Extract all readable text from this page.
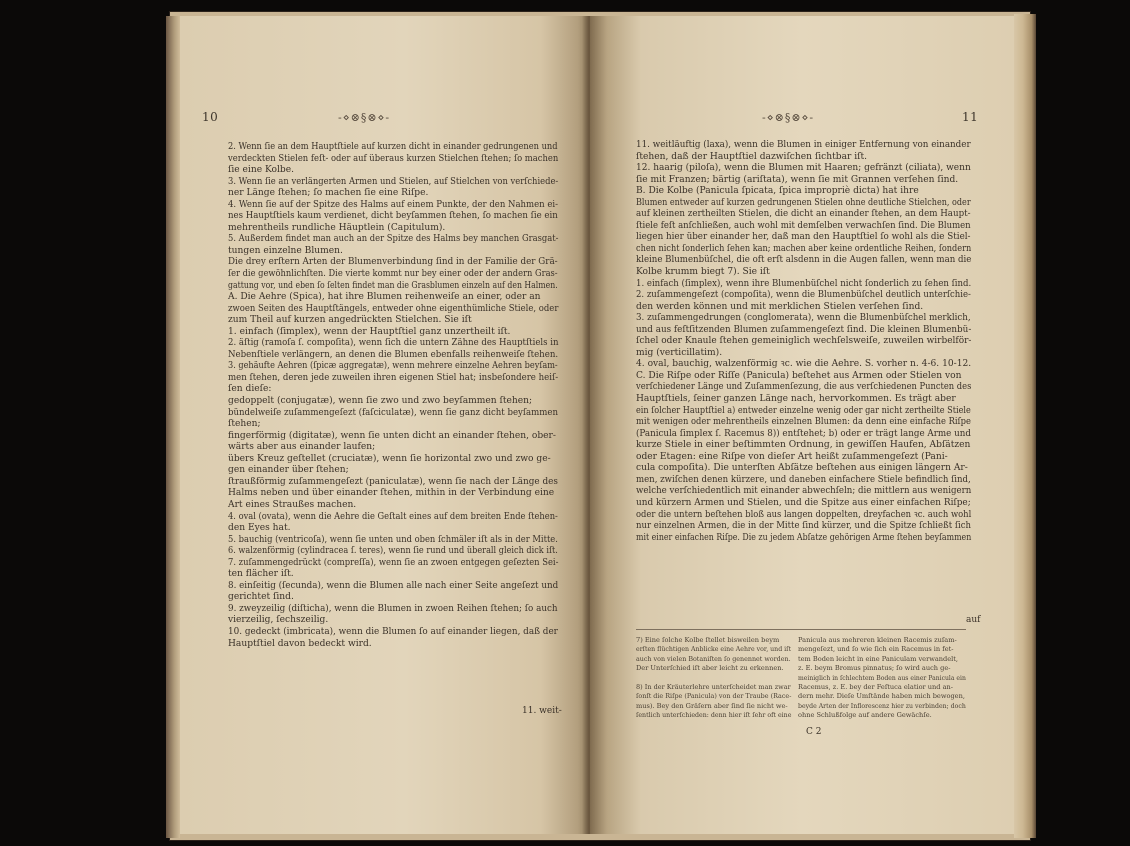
10	-⋄⊗§⊗⋄-
2. Wenn ſie an dem Hauptſtiele auf kurzen dicht in einander gedrungenen und
verdeckten Stielen feſt- oder auf überaus kurzen Stielchen ſtehen; ſo machen
ſie eine Kolbe.
3. Wenn ſie an verlängerten Armen und Stielen, auf Stielchen von verſchiede-
ner Länge ſtehen; ſo machen ſie eine Riſpe.
4. Wenn ſie auf der Spitze des Halms auf einem Punkte, der den Nahmen ei-
nes Hauptſtiels kaum verdienet, dicht beyſammen ſtehen, ſo machen ſie ein
mehrentheils rundliche Häuptlein (Capitulum).
5. Außerdem findet man auch an der Spitze des Halms bey manchen Grasgat-
tungen einzelne Blumen.
Die drey erſtern Arten der Blumenverbindung ſind in der Familie der Grä-
ſer die gewöhnlichſten. Die vierte kommt nur bey einer oder der andern Gras-
gattung vor, und eben ſo ſelten findet man die Grasblumen einzeln auf den Halmen.
A. Die Aehre (Spica), hat ihre Blumen reihenweiſe an einer, oder an
zwoen Seiten des Hauptſtängels, entweder ohne eigenthümliche Stiele, oder
zum Theil auf kurzen angedrückten Stielchen. Sie iſt
1. einfach (ſimplex), wenn der Hauptſtiel ganz unzertheilt iſt.
2. äſtig (ramoſa ſ. compoſita), wenn ſich die untern Zähne des Hauptſtiels in
Nebenſtiele verlängern, an denen die Blumen ebenfalls reihenweiſe ſtehen.
3. gehäufte Aehren (ſpicæ aggregatæ), wenn mehrere einzelne Aehren beyſam-
men ſtehen, deren jede zuweilen ihren eigenen Stiel hat; insbeſondere heiſ-
ſen dieſe:
gedoppelt (conjugatæ), wenn ſie zwo und zwo beyſammen ſtehen;
bündelweiſe zuſammengeſezt (faſciculatæ), wenn ſie ganz dicht beyſammen
ſtehen;
fingerförmig (digitatæ), wenn ſie unten dicht an einander ſtehen, ober-
wärts aber aus einander laufen;
übers Kreuz geſtellet (cruciatæ), wenn ſie horizontal zwo und zwo ge-
gen einander über ſtehen;
ſtraußförmig zuſammengeſezt (paniculatæ), wenn ſie nach der Länge des
Halms neben und über einander ſtehen, mithin in der Verbindung eine
Art eines Straußes machen.
4. oval (ovata), wenn die Aehre die Geſtalt eines auf dem breiten Ende ſtehen-
den Eyes hat.
5. bauchig (ventricoſa), wenn ſie unten und oben ſchmäler iſt als in der Mitte.
6. walzenförmig (cylindracea ſ. teres), wenn ſie rund und überall gleich dick iſt.
7. zuſammengedrückt (compreſſa), wenn ſie an zwoen entgegen geſezten Sei-
ten flächer iſt.
8. einſeitig (ſecunda), wenn die Blumen alle nach einer Seite angeſezt und
gerichtet ſind.
9. zweyzeilig (diſticha), wenn die Blumen in zwoen Reihen ſtehen; ſo auch
vierzeilig, ſechszeilig.
10. gedeckt (imbricata), wenn die Blumen ſo auf einander liegen, daß der
Hauptſtiel davon bedeckt wird.
11. weit-
-⋄⊗§⊗⋄-	11
11. weitläuftig (laxa), wenn die Blumen in einiger Entfernung von einander
ſtehen, daß der Hauptſtiel dazwiſchen ſichtbar iſt.
12. haarig (piloſa), wenn die Blumen mit Haaren; gefränzt (ciliata), wenn
ſie mit Franzen; bärtig (ariſtata), wenn ſie mit Grannen verſehen ſind.
B. Die Kolbe (Panicula ſpicata, ſpica impropriè dicta) hat ihre
Blumen entweder auf kurzen gedrungenen Stielen ohne deutliche Stielchen, oder
auf kleinen zertheilten Stielen, die dicht an einander ſtehen, an dem Haupt-
ſtiele feſt anſchließen, auch wohl mit demſelben verwachſen ſind. Die Blumen
liegen hier über einander her, daß man den Hauptſtiel ſo wohl als die Stiel-
chen nicht ſonderlich ſehen kan; machen aber keine ordentliche Reihen, ſondern
kleine Blumenbüſchel, die oft erſt alsdenn in die Augen fallen, wenn man die
Kolbe krumm biegt 7). Sie iſt
1. einfach (ſimplex), wenn ihre Blumenbüſchel nicht ſonderlich zu ſehen ſind.
2. zuſammengeſezt (compoſita), wenn die Blumenbüſchel deutlich unterſchie-
den werden können und mit merklichen Stielen verſehen ſind.
3. zuſammengedrungen (conglomerata), wenn die Blumenbüſchel merklich,
und aus feſtſitzenden Blumen zuſammengeſezt ſind. Die kleinen Blumenbü-
ſchel oder Knaule ſtehen gemeiniglich wechſelsweiſe, zuweilen wirbelför-
mig (verticillatim).
4. oval, bauchig, walzenförmig ꝛc. wie die Aehre. S. vorher n. 4-6. 10-12.
C. Die Riſpe oder Riſſe (Panicula) beſtehet aus Armen oder Stielen von
verſchiedener Länge und Zuſammenſezung, die aus verſchiedenen Puncten des
Hauptſtiels, ſeiner ganzen Länge nach, hervorkommen. Es trägt aber
ein ſolcher Hauptſtiel a) entweder einzelne wenig oder gar nicht zertheilte Stiele
mit wenigen oder mehrentheils einzelnen Blumen: da denn eine einfache Riſpe
(Panicula ſimplex ſ. Racemus 8)) entſtehet; b) oder er trägt lange Arme und
kurze Stiele in einer beſtimmten Ordnung, in gewiſſen Haufen, Abſätzen
oder Etagen: eine Riſpe von dieſer Art heißt zuſammengeſezt (Pani-
cula compoſita). Die unterſten Abſätze beſtehen aus einigen längern Ar-
men, zwiſchen denen kürzere, und daneben einfachere Stiele befindlich ſind,
welche verſchiedentlich mit einander abwechſeln; die mittlern aus wenigern
und kürzern Armen und Stielen, und die Spitze aus einer einfachen Riſpe;
oder die untern beſtehen bloß aus langen doppelten, dreyfachen ꝛc. auch wohl
nur einzelnen Armen, die in der Mitte ſind kürzer, und die Spitze ſchließt ſich
mit einer einfachen Riſpe. Die zu jedem Abſatze gehörigen Arme ſtehen beyſammen
auf
7) Eine ſolche Kolbe ſtellet bisweilen beym
erſten flüchtigen Anblicke eine Aehre vor, und iſt
auch von vielen Botaniſten ſo genennet worden.
Der Unterſchied iſt aber leicht zu erkennen.
8) In der Kräuterlehre unterſcheidet man zwar
ſonſt die Riſpe (Panicula) von der Traube (Race-
mus). Bey den Gräſern aber ſind ſie nicht we-
ſentlich unterſchieden: denn hier iſt ſehr oft eine
Panicula aus mehreren kleinen Racemis zuſam-
mengeſezt, und ſo wie ſich ein Racemus in fet-
tem Boden leicht in eine Paniculam verwandelt,
z. E. beym Bromus pinnatus; ſo wird auch ge-
meiniglich in ſchlechtem Boden aus einer Panicula ein
Racemus, z. E. bey der Feſtuca elatior und an-
dern mehr. Dieſe Umſtände haben mich bewogen,
beyde Arten der Inflorescenz hier zu verbinden; doch
ohne Schlußfolge auf andere Gewächſe.
C 2
